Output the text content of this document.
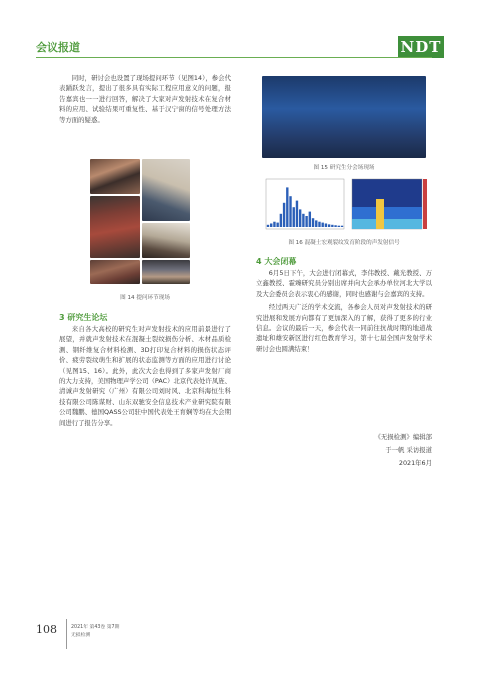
会议报道	NDT

同时，研讨会也设置了现场提问环节（见图14），参会代表踊跃发言，提出了很多具有实际工程应用意义的问题，报告嘉宾也一一进行回答，解决了大家对声发射技术在复合材料的应用、试验结果可重复性、基于汉宁窗的信号处理方法等方面的疑惑。

图 14 提问环节现场
3 研究生论坛

来自各大高校的研究生对声发射技术的应用前景进行了展望，并就声发射技术在混凝土裂纹损伤分析、木材品质检测、钢纤维复合材料检测、3D打印复合材料的损伤状态评价、疲劳裂纹萌生和扩展的状态监测等方面的应用进行讨论（见图15、16）。此外，此次大会也得到了多家声发射厂商的大力支持，美国物理声学公司（PAC）北京代表处许凤旌、清诚声发射研究（广州）有限公司刘时风、北京科海恒生科技有限公司陈谋财、山东双驰安全信息技术产业研究院有限公司魏鹏、德国QASS公司驻中国代表处王育娴等均在大会期间进行了报告分享。

图 15 研究生分会场现场
图 16 混凝土宏观裂纹发育阶段的声发射信号
4 大会闭幕

6月5日下午，大会进行闭幕式，李伟教授、戴光教授、万立鑫教授、霍臻研究员分别出席并向大会承办单位河北大学以及大会委员会表示衷心的感谢，同时也感谢与会嘉宾的支持。

经过两天广泛的学术交流，各参会人员对声发射技术的研究进展和发展方向都有了更加深入的了解，获得了更多的行业信息。会议的最后一天，参会代表一同前往抗战时期的地道战遗址和雄安新区进行红色教育学习，第十七届全国声发射学术研讨会也圆满结束！

《无损检测》编辑部
于一帆 采访报道
2021年6月
108	2021年 第43卷 第7期
无损检测
